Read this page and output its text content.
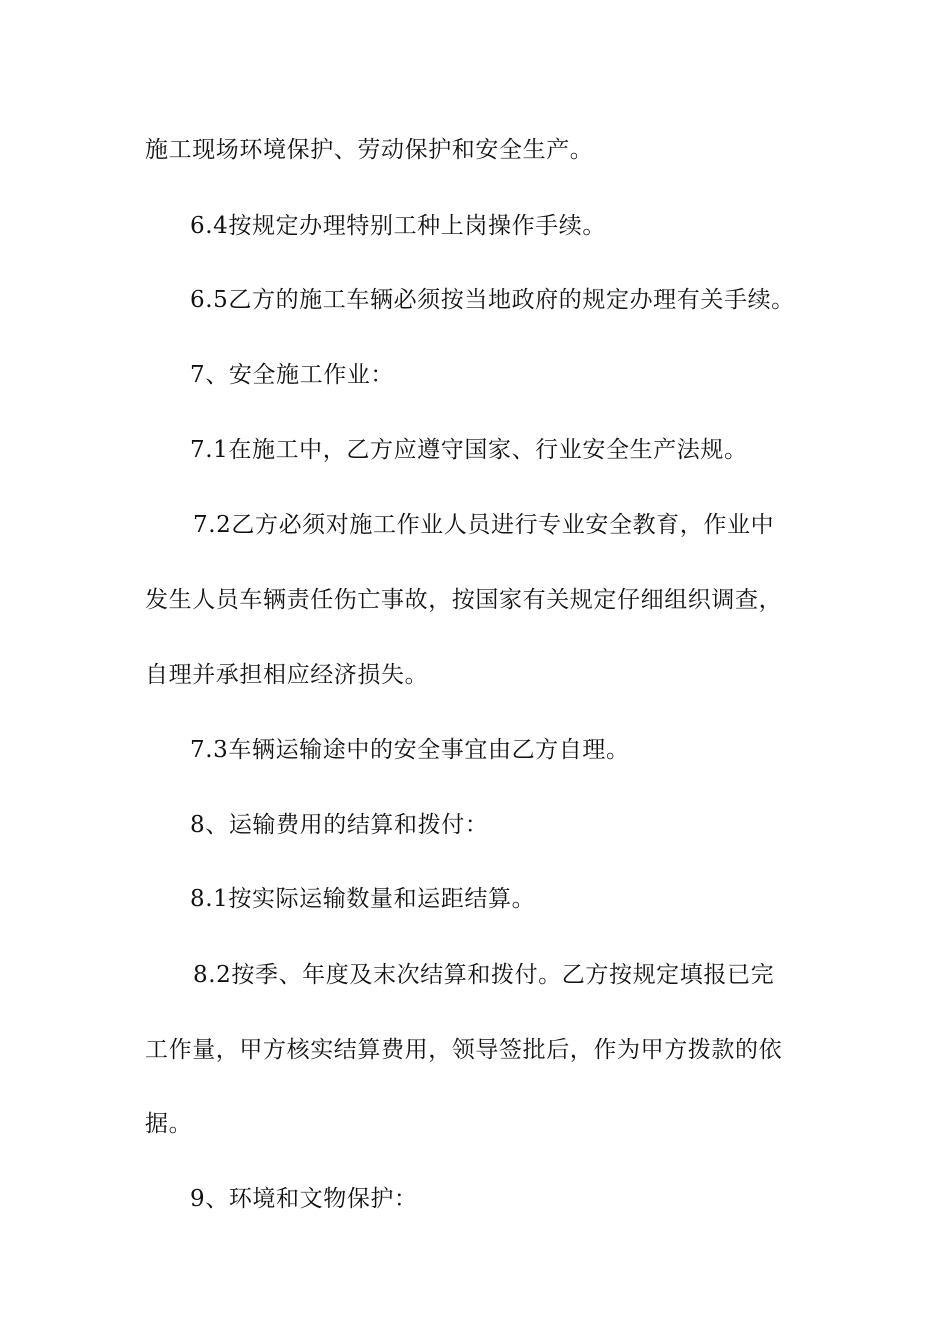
施工现场环境保护、劳动保护和安全生产。
6.4按规定办理特别工种上岗操作手续。
6.5乙方的施工车辆必须按当地政府的规定办理有关手续。
7、安全施工作业：
7.1在施工中，乙方应遵守国家、行业安全生产法规。
7.2乙方必须对施工作业人员进行专业安全教育，作业中
发生人员车辆责任伤亡事故，按国家有关规定仔细组织调查，
自理并承担相应经济损失。
7.3车辆运输途中的安全事宜由乙方自理。
8、运输费用的结算和拨付：
8.1按实际运输数量和运距结算。
8.2按季、年度及末次结算和拨付。乙方按规定填报已完
工作量，甲方核实结算费用，领导签批后，作为甲方拨款的依
据。
9、环境和文物保护：
